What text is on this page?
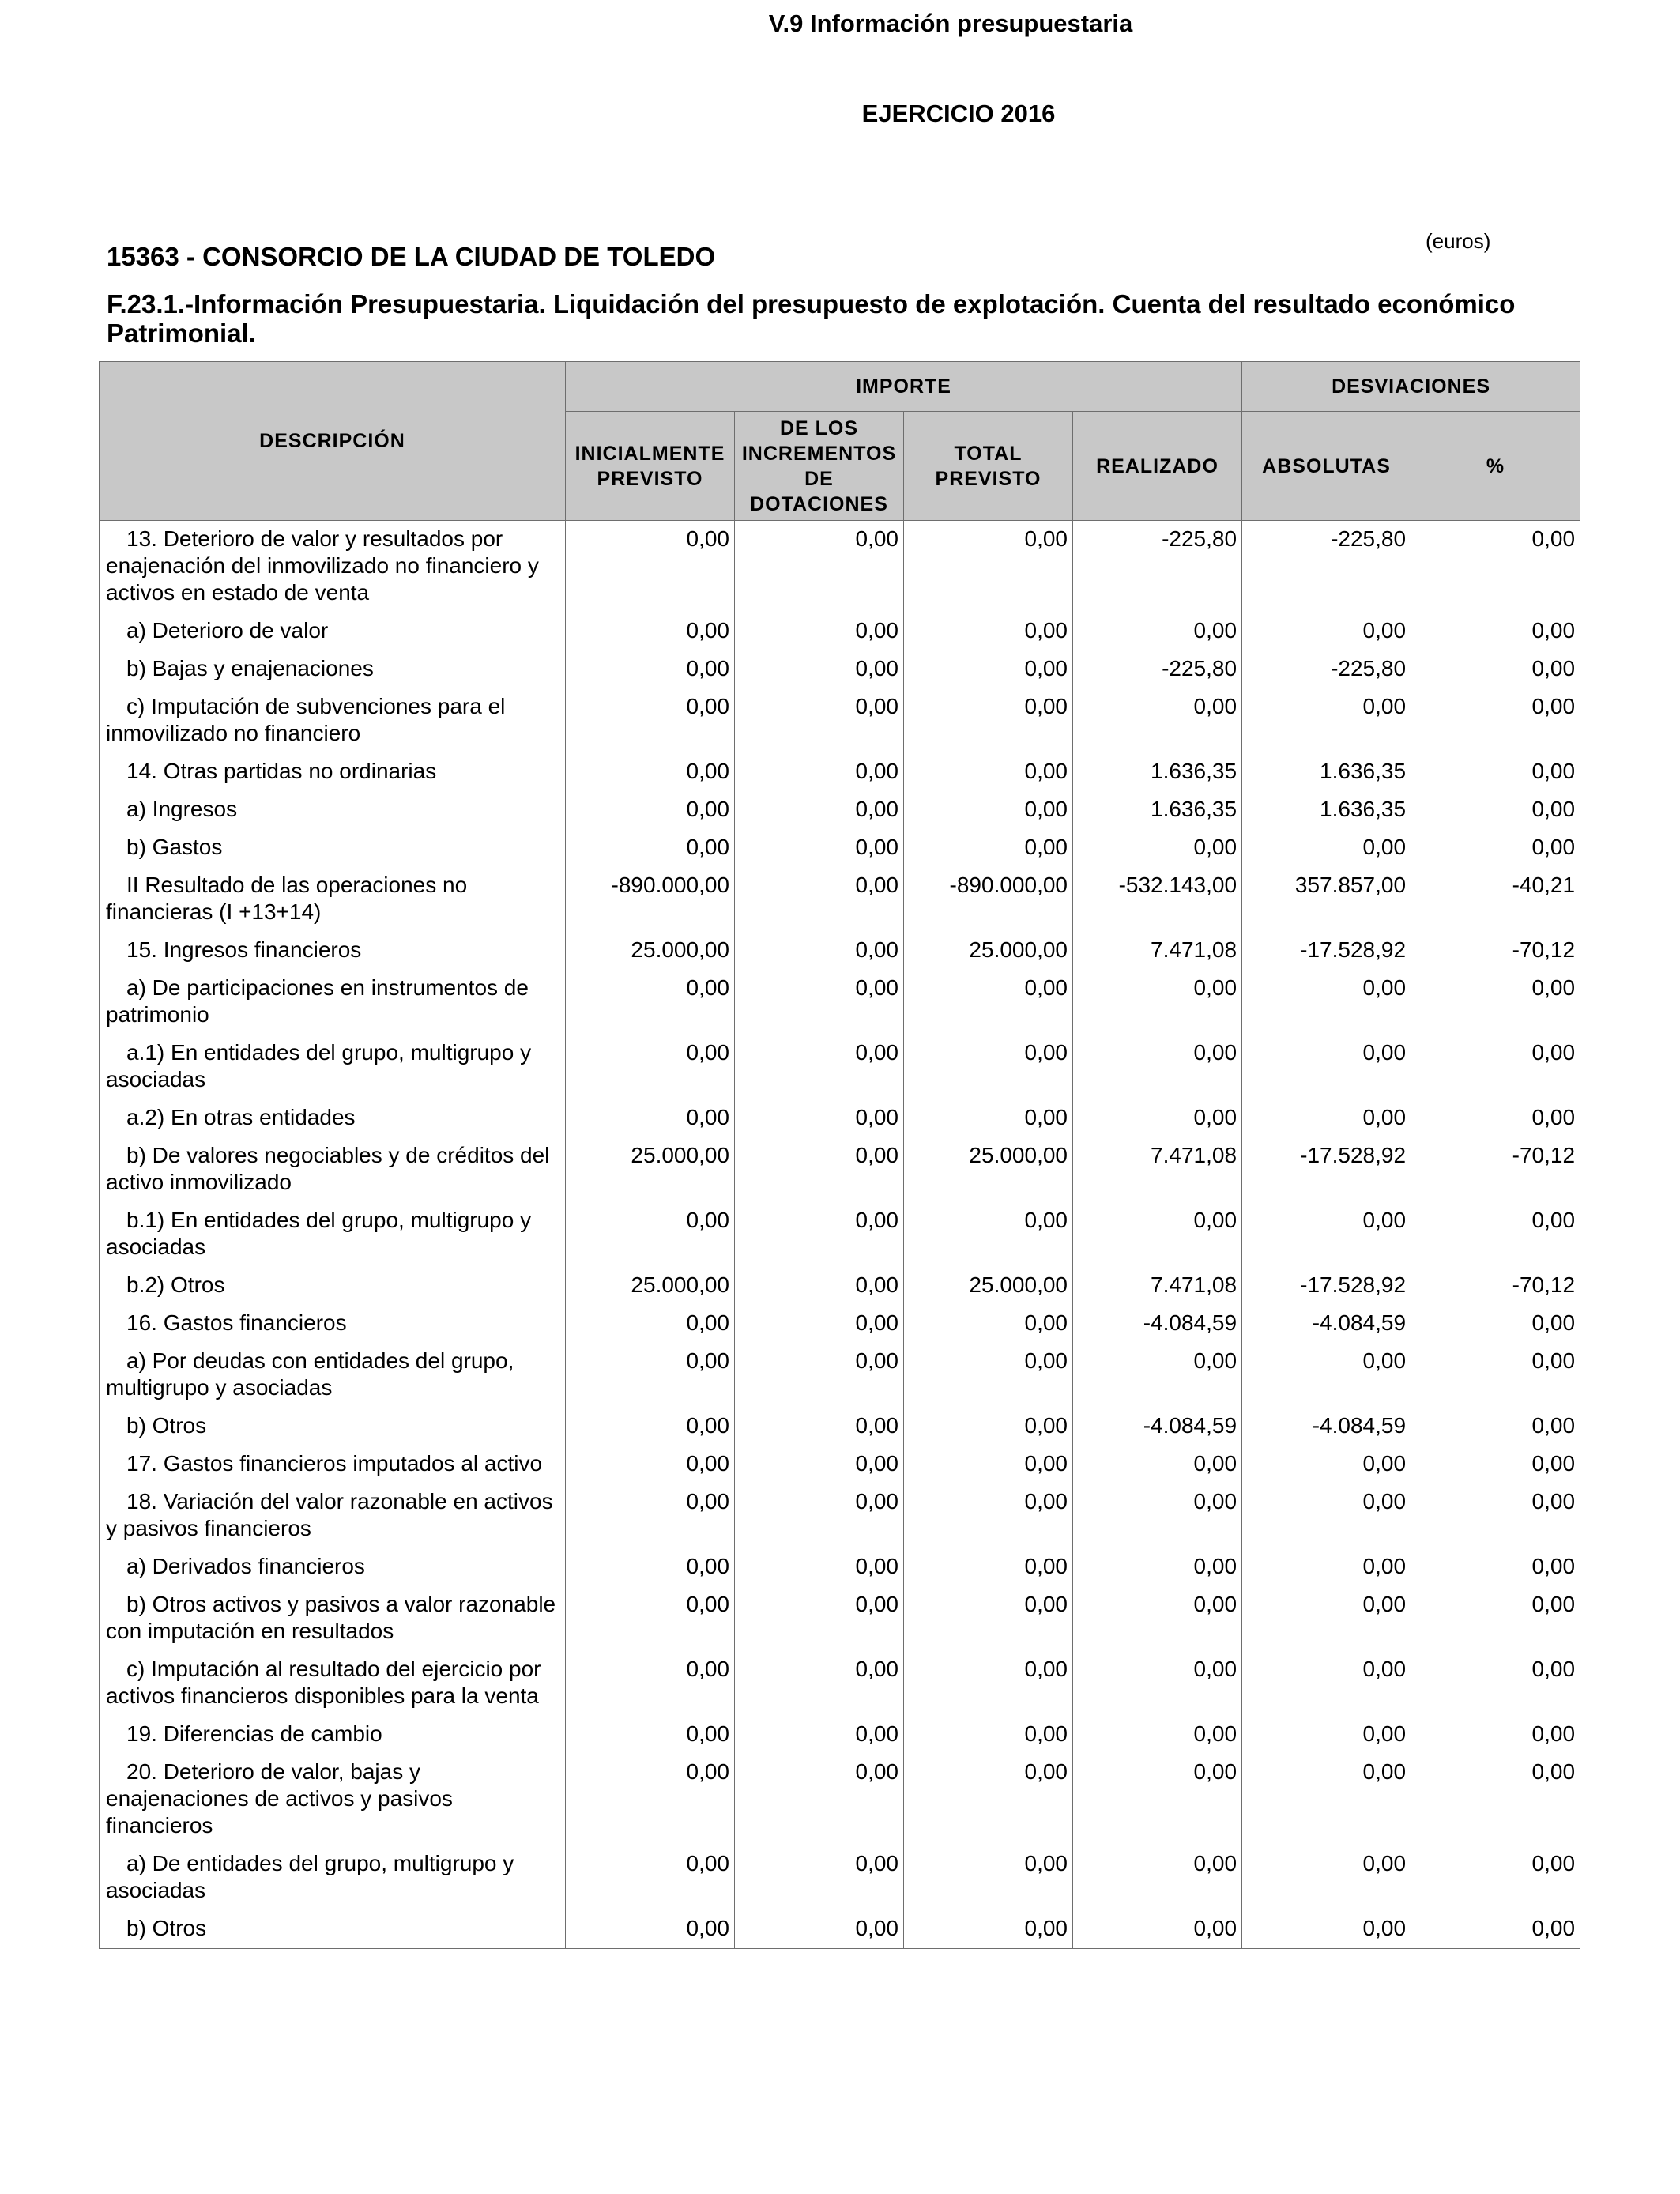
V.9 Información presupuestaria
EJERCICIO 2016
(euros)
15363 - CONSORCIO DE LA CIUDAD DE TOLEDO
F.23.1.-Información Presupuestaria. Liquidación del presupuesto de explotación. Cuenta del resultado económico Patrimonial.
DESCRIPCIÓN	IMPORTE				DESVIACIONES	
	INICIALMENTE PREVISTO	DE LOS INCREMENTOS DE DOTACIONES	TOTAL PREVISTO	REALIZADO	ABSOLUTAS	%
13. Deterioro de valor y resultados por enajenación del inmovilizado no financiero y activos en estado de venta	0,00	0,00	0,00	-225,80	-225,80	0,00
a) Deterioro de valor	0,00	0,00	0,00	0,00	0,00	0,00
b) Bajas y enajenaciones	0,00	0,00	0,00	-225,80	-225,80	0,00
c) Imputación de subvenciones para el inmovilizado no financiero	0,00	0,00	0,00	0,00	0,00	0,00
14. Otras partidas no ordinarias	0,00	0,00	0,00	1.636,35	1.636,35	0,00
a) Ingresos	0,00	0,00	0,00	1.636,35	1.636,35	0,00
b) Gastos	0,00	0,00	0,00	0,00	0,00	0,00
II Resultado de las operaciones no financieras (I +13+14)	-890.000,00	0,00	-890.000,00	-532.143,00	357.857,00	-40,21
15. Ingresos financieros	25.000,00	0,00	25.000,00	7.471,08	-17.528,92	-70,12
a) De participaciones en instrumentos de patrimonio	0,00	0,00	0,00	0,00	0,00	0,00
a.1) En entidades del grupo, multigrupo y asociadas	0,00	0,00	0,00	0,00	0,00	0,00
a.2) En otras entidades	0,00	0,00	0,00	0,00	0,00	0,00
b) De valores negociables y de créditos del activo inmovilizado	25.000,00	0,00	25.000,00	7.471,08	-17.528,92	-70,12
b.1) En entidades del grupo, multigrupo y asociadas	0,00	0,00	0,00	0,00	0,00	0,00
b.2) Otros	25.000,00	0,00	25.000,00	7.471,08	-17.528,92	-70,12
16. Gastos financieros	0,00	0,00	0,00	-4.084,59	-4.084,59	0,00
a) Por deudas con entidades del grupo, multigrupo y asociadas	0,00	0,00	0,00	0,00	0,00	0,00
b) Otros	0,00	0,00	0,00	-4.084,59	-4.084,59	0,00
17. Gastos financieros imputados al activo	0,00	0,00	0,00	0,00	0,00	0,00
18. Variación del valor razonable en activos y pasivos financieros	0,00	0,00	0,00	0,00	0,00	0,00
a) Derivados financieros	0,00	0,00	0,00	0,00	0,00	0,00
b) Otros activos y pasivos a valor razonable con imputación en resultados	0,00	0,00	0,00	0,00	0,00	0,00
c) Imputación al resultado del ejercicio por activos financieros disponibles para la venta	0,00	0,00	0,00	0,00	0,00	0,00
19. Diferencias de cambio	0,00	0,00	0,00	0,00	0,00	0,00
20. Deterioro de valor, bajas y enajenaciones de activos y pasivos financieros	0,00	0,00	0,00	0,00	0,00	0,00
a) De entidades del grupo, multigrupo y asociadas	0,00	0,00	0,00	0,00	0,00	0,00
b) Otros	0,00	0,00	0,00	0,00	0,00	0,00
